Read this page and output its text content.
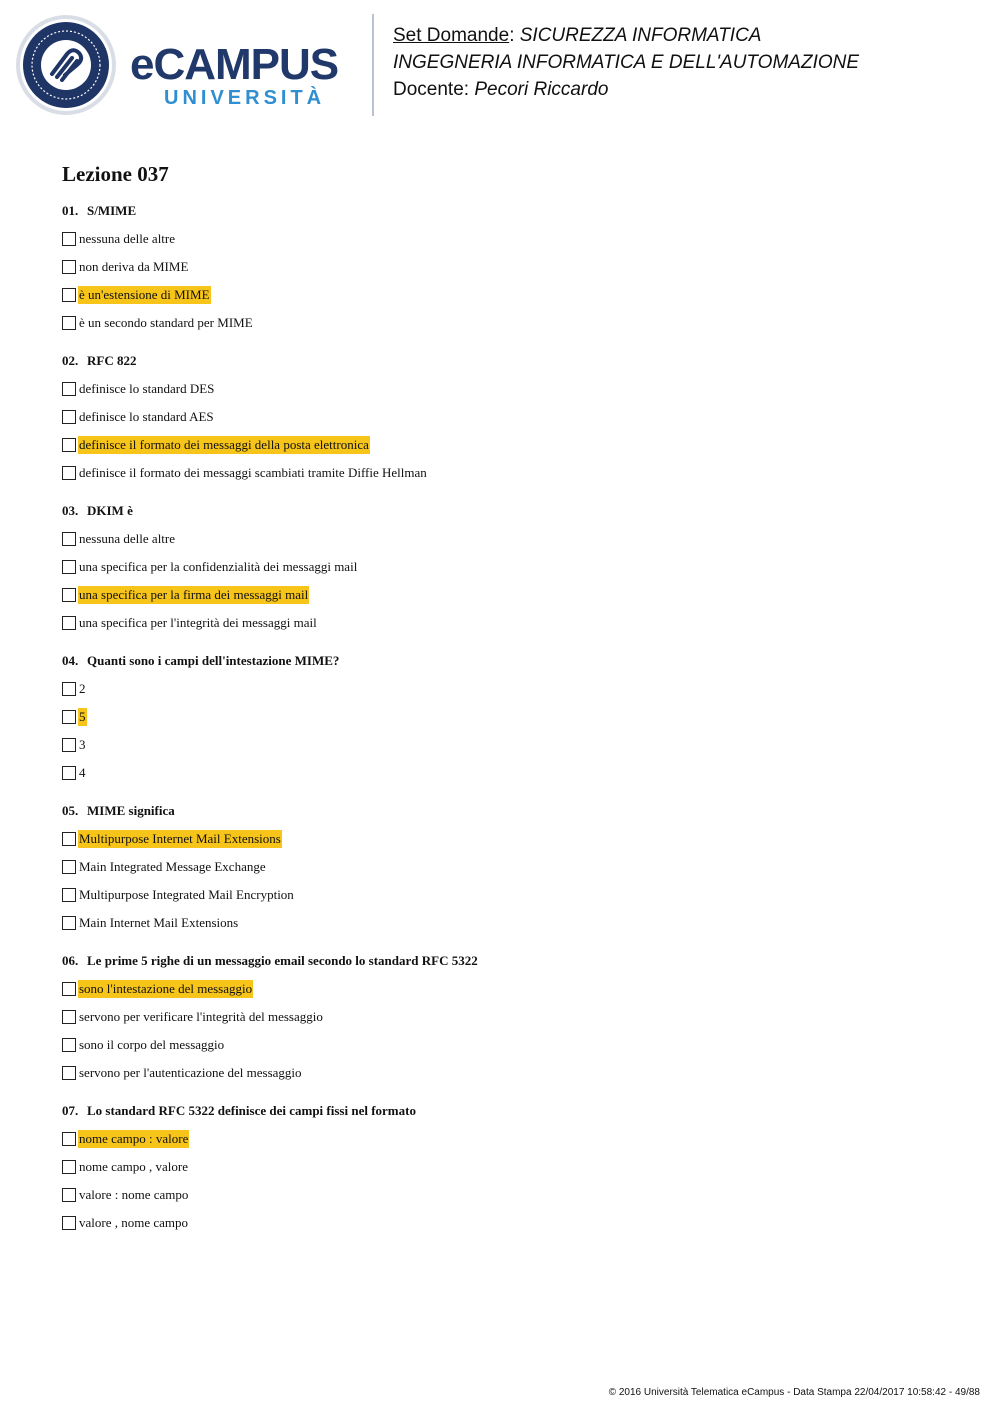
eCAMPUS
UNIVERSITÀ
Set Domande: SICUREZZA INFORMATICA
INGEGNERIA INFORMATICA E DELL'AUTOMAZIONE
Docente: Pecori Riccardo
Lezione 037
01. S/MIME
nessuna delle altre
non deriva da MIME
è un'estensione di MIME
è un secondo standard per MIME
02. RFC 822
definisce lo standard DES
definisce lo standard AES
definisce il formato dei messaggi della posta elettronica
definisce il formato dei messaggi scambiati tramite Diffie Hellman
03. DKIM è
nessuna delle altre
una specifica per la confidenzialità dei messaggi mail
una specifica per la firma dei messaggi mail
una specifica per l'integrità dei messaggi mail
04. Quanti sono i campi dell'intestazione MIME?
2
5
3
4
05. MIME significa
Multipurpose Internet Mail Extensions
Main Integrated Message Exchange
Multipurpose Integrated Mail Encryption
Main Internet Mail Extensions
06. Le prime 5 righe di un messaggio email secondo lo standard RFC 5322
sono l'intestazione del messaggio
servono per verificare l'integrità del messaggio
sono il corpo del messaggio
servono per l'autenticazione del messaggio
07. Lo standard RFC 5322 definisce dei campi fissi nel formato
nome campo : valore
nome campo , valore
valore : nome campo
valore , nome campo
© 2016 Università Telematica eCampus - Data Stampa 22/04/2017 10:58:42 - 49/88
